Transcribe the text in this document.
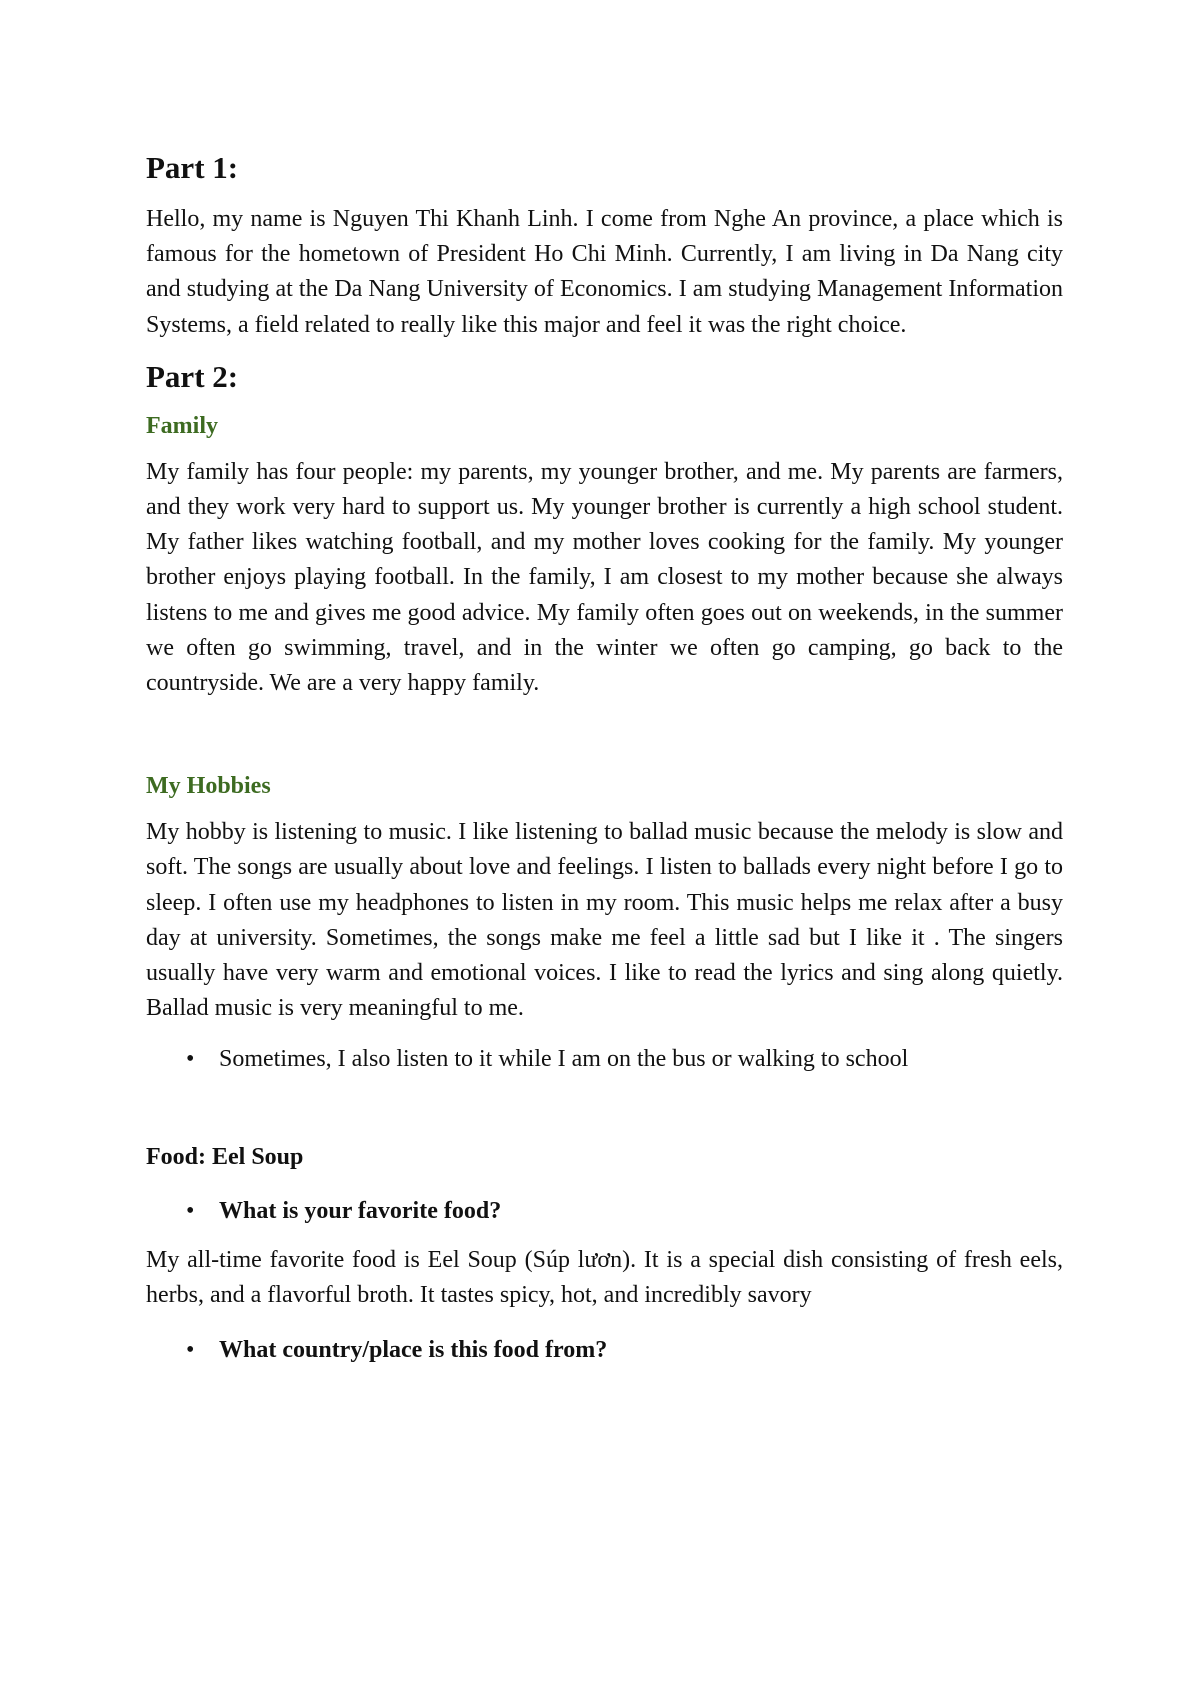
Part 1:

Hello, my name is Nguyen Thi Khanh Linh. I come from Nghe An province, a place which is famous for the hometown of President Ho Chi Minh. Currently, I am living in Da Nang city and studying at the Da Nang University of Economics. I am studying Management Information Systems, a field related to really like this major and feel it was the right choice.

Part 2:
Family

My family has four people: my parents, my younger brother, and me. My parents are farmers, and they work very hard to support us. My younger brother is currently a high school student. My father likes watching football, and my mother loves cooking for the family. My younger brother enjoys playing football. In the family, I am closest to my mother because she always listens to me and gives me good advice. My family often goes out on weekends, in the summer we often go swimming, travel, and in the winter we often go camping, go back to the countryside. We are a very happy family.

My Hobbies

My hobby is listening to music. I like listening to ballad music because the melody is slow and soft. The songs are usually about love and feelings. I listen to ballads every night before I go to sleep. I often use my headphones to listen in my room. This music helps me relax after a busy day at university. Sometimes, the songs make me feel a little sad but I like it . The singers usually have very warm and emotional voices. I like to read the lyrics and sing along quietly. Ballad music is very meaningful to me.

• Sometimes, I also listen to it while I am on the bus or walking to school
Food: Eel Soup
• What is your favorite food?

My all-time favorite food is Eel Soup (Súp lươn). It is a special dish consisting of fresh eels, herbs, and a flavorful broth. It tastes spicy, hot, and incredibly savory

• What country/place is this food from?
